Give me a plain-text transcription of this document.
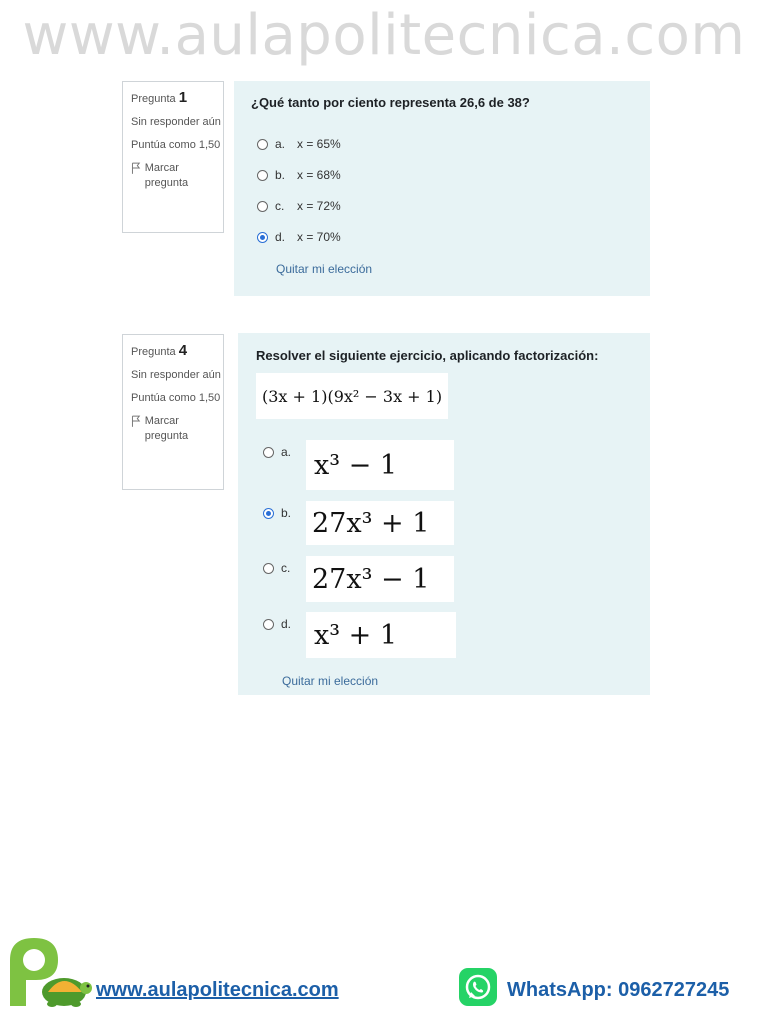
www.aulapolitecnica.com
Pregunta 1
Sin responder aún
Puntúa como 1,50
Marcar pregunta
¿Qué tanto por ciento representa 26,6 de 38?
a. x = 65%
b. x = 68%
c.	x = 72%
d. x = 70%
Quitar mi elección
Pregunta 4
Sin responder aún
Puntúa como 1,50
Marcar pregunta
Resolver el siguiente ejercicio, aplicando factorización:
(3x + 1)(9x² − 3x + 1)
a. x³ − 1
b. 27x³ + 1
c. 27x³ − 1
d. x³ + 1
Quitar mi elección
www.aulapolitecnica.com	WhatsApp: 0962727245
